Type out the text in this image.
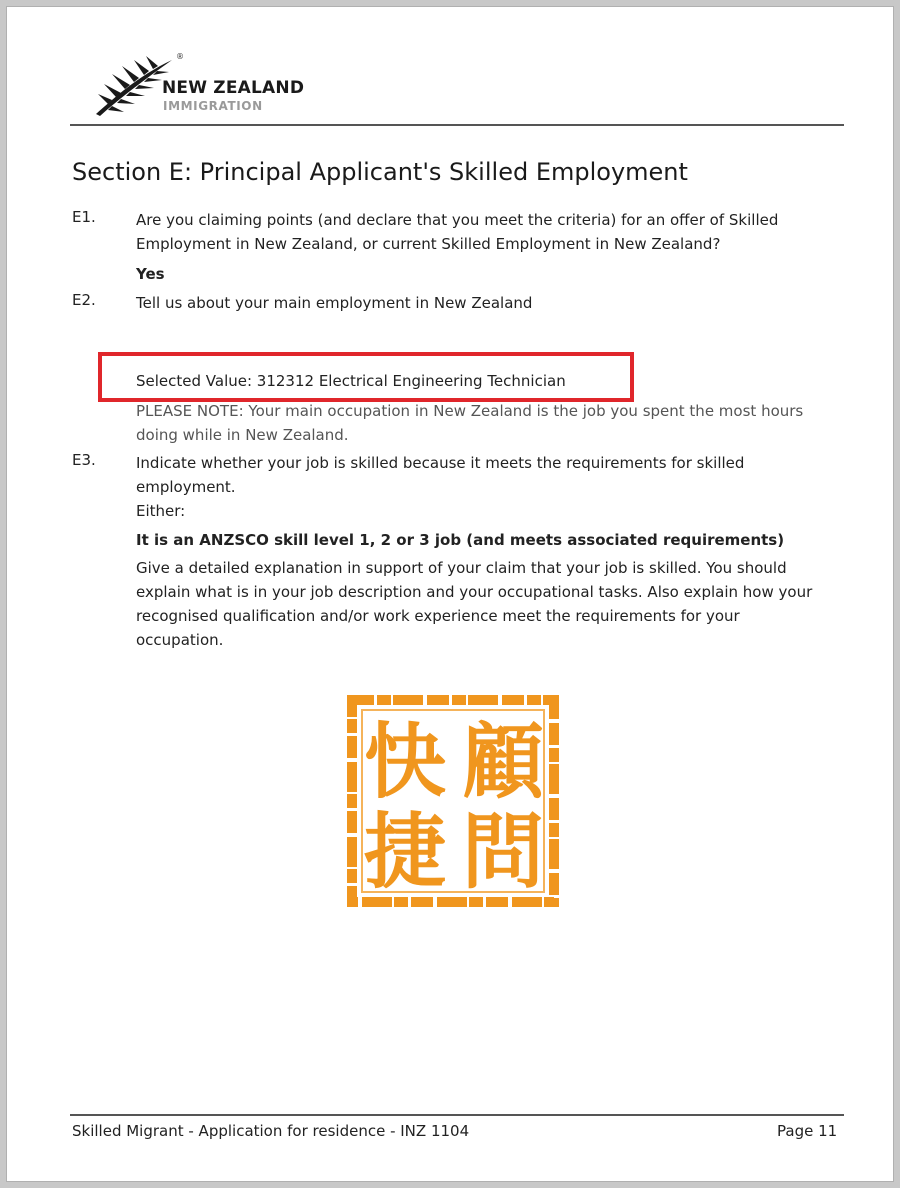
®
NEW ZEALAND
IMMIGRATION
Section E: Principal Applicant's Skilled Employment
E1.	Are you claiming points (and declare that you meet the criteria) for an offer of Skilled Employment in New Zealand, or current Skilled Employment in New Zealand?
Yes
E2.	Tell us about your main employment in New Zealand
Selected Value: 312312 Electrical Engineering Technician
PLEASE NOTE: Your main occupation in New Zealand is the job you spent the most hours doing while in New Zealand.
E3.	Indicate whether your job is skilled because it meets the requirements for skilled employment.
Either:
It is an ANZSCO skill level 1, 2 or 3 job (and meets associated requirements)
Give a detailed explanation in support of your claim that your job is skilled. You should explain what is in your job description and your occupational tasks. Also explain how your recognised qualification and/or work experience meet the requirements for your occupation.
顧
問
快
捷
Skilled Migrant - Application for residence - INZ 1104	Page 11
